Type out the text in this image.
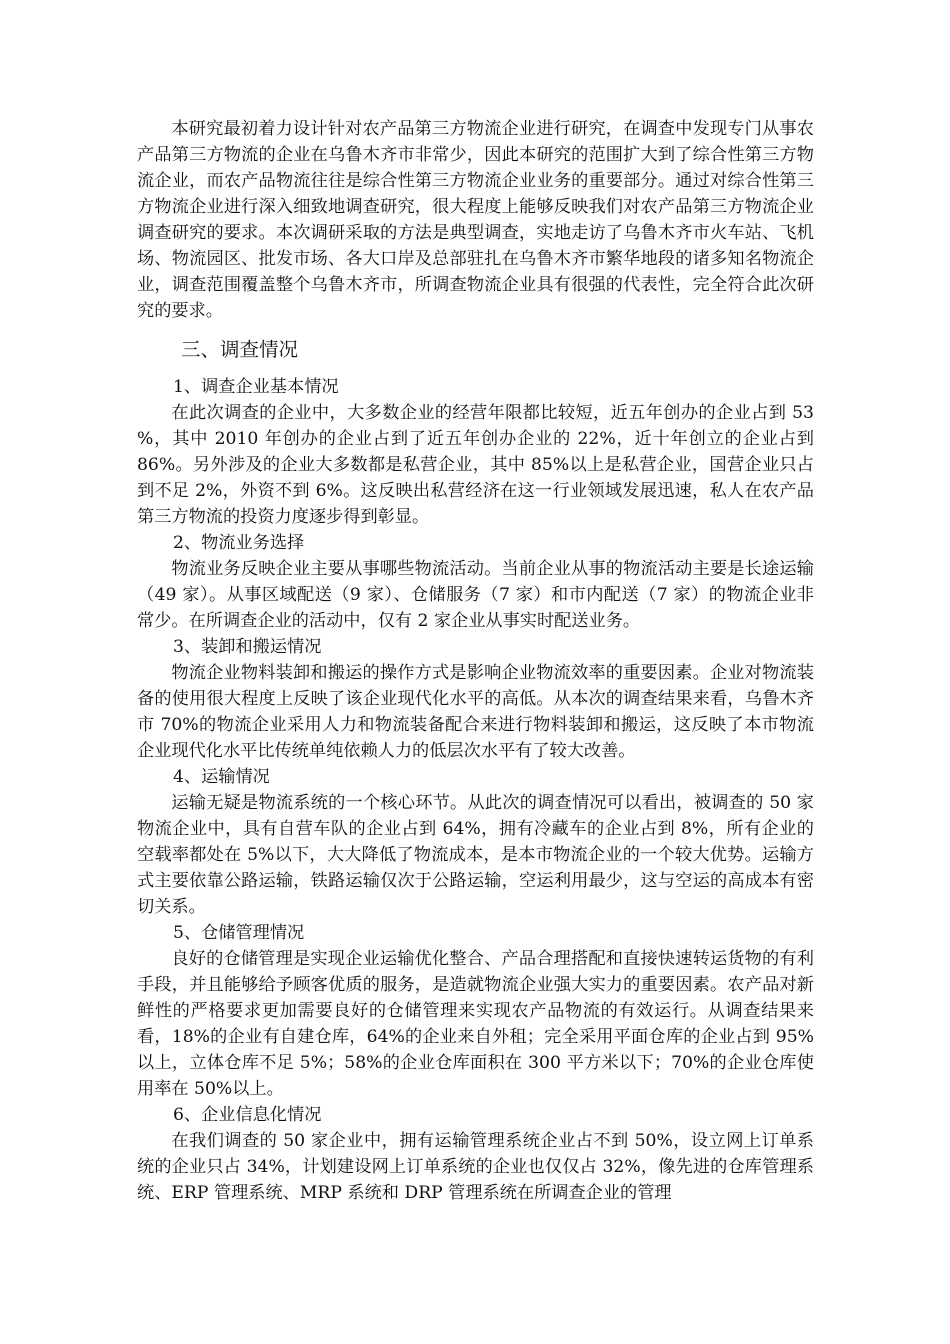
本研究最初着力设计针对农产品第三方物流企业进行研究，在调查中发现专门从事农产品第三方物流的企业在乌鲁木齐市非常少，因此本研究的范围扩大到了综合性第三方物流企业，而农产品物流往往是综合性第三方物流企业业务的重要部分。通过对综合性第三方物流企业进行深入细致地调查研究，很大程度上能够反映我们对农产品第三方物流企业调查研究的要求。本次调研采取的方法是典型调查，实地走访了乌鲁木齐市火车站、飞机场、物流园区、批发市场、各大口岸及总部驻扎在乌鲁木齐市繁华地段的诸多知名物流企业，调查范围覆盖整个乌鲁木齐市，所调查物流企业具有很强的代表性，完全符合此次研究的要求。

三、调查情况
1、调查企业基本情况

在此次调查的企业中，大多数企业的经营年限都比较短，近五年创办的企业占到 53 %，其中 2010 年创办的企业占到了近五年创办企业的 22%，近十年创立的企业占到 86%。另外涉及的企业大多数都是私营企业，其中 85%以上是私营企业，国营企业只占到不足 2%，外资不到 6%。这反映出私营经济在这一行业领域发展迅速，私人在农产品第三方物流的投资力度逐步得到彰显。

2、物流业务选择

物流业务反映企业主要从事哪些物流活动。当前企业从事的物流活动主要是长途运输（49 家）。从事区域配送（9 家）、仓储服务（7 家）和市内配送（7 家）的物流企业非常少。在所调查企业的活动中，仅有 2 家企业从事实时配送业务。

3、装卸和搬运情况

物流企业物料装卸和搬运的操作方式是影响企业物流效率的重要因素。企业对物流装备的使用很大程度上反映了该企业现代化水平的高低。从本次的调查结果来看，乌鲁木齐市 70%的物流企业采用人力和物流装备配合来进行物料装卸和搬运，这反映了本市物流企业现代化水平比传统单纯依赖人力的低层次水平有了较大改善。

4、运输情况

运输无疑是物流系统的一个核心环节。从此次的调查情况可以看出，被调查的 50 家物流企业中，具有自营车队的企业占到 64%，拥有冷藏车的企业占到 8%，所有企业的空载率都处在 5%以下，大大降低了物流成本，是本市物流企业的一个较大优势。运输方式主要依靠公路运输，铁路运输仅次于公路运输，空运利用最少，这与空运的高成本有密切关系。

5、仓储管理情况

良好的仓储管理是实现企业运输优化整合、产品合理搭配和直接快速转运货物的有利手段，并且能够给予顾客优质的服务，是造就物流企业强大实力的重要因素。农产品对新鲜性的严格要求更加需要良好的仓储管理来实现农产品物流的有效运行。从调查结果来看，18%的企业有自建仓库，64%的企业来自外租；完全采用平面仓库的企业占到 95%以上，立体仓库不足 5%；58%的企业仓库面积在 300 平方米以下；70%的企业仓库使用率在 50%以上。

6、企业信息化情况

在我们调查的 50 家企业中，拥有运输管理系统企业占不到 50%，设立网上订单系统的企业只占 34%，计划建设网上订单系统的企业也仅仅占 32%，像先进的仓库管理系统、ERP 管理系统、MRP 系统和 DRP 管理系统在所调查企业的管理
